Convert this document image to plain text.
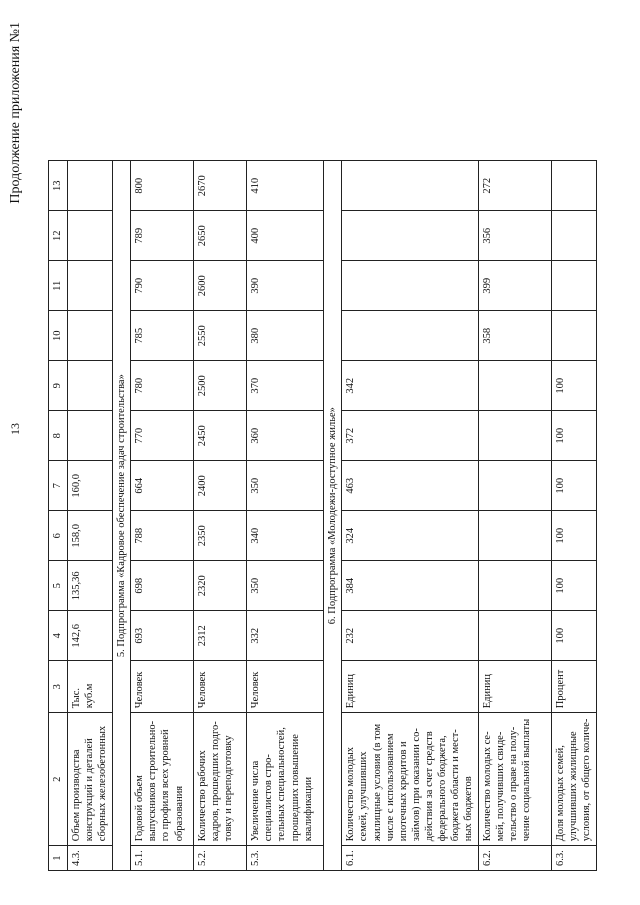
13
Продолжение приложения №1
1	2	3	4	5	6	7	8	9	10	11	12	13
4.3.	Объем производства конструкций и деталей сборных железобетонных	Тыс. куб.м	142,6	135,36	158,0	160,0						
5. Подпрограмма «Кадровое обеспечение задач строительства»												
5.1.	Годовой объем выпускников строительно-го профиля всех уровней образования	Человек	693	698	788	664	770	780	785	790	789	800
5.2.	Количество рабочих кадров, прошедших подго-товку и переподготовку	Человек	2312	2320	2350	2400	2450	2500	2550	2600	2650	2670
5.3.	Увеличение числа специалистов стро-тельных специальностей, прошедших повышение квалификации	Человек	332	350	340	350	360	370	380	390	400	410
6. Подпрограмма «Молодежи-доступное жилье»												
6.1.	Количество молодых семей, улучшивших жилищные условия (в том числе с использованием ипотечных кредитов и займов) при оказании со-действия за счет средств федерального бюджета, бюджета области и мест-ных бюджетов	Единиц	232	384	324	463	372	342				
6.2.	Количество молодых се-мей, получивших свиде-тельство о праве на полу-чение социальной выплаты	Единиц							358	399	356	272
6.3.	Доля молодых семей, улучшивших жилищные условия, от общего количе-	Процент	100	100	100	100	100	100				
